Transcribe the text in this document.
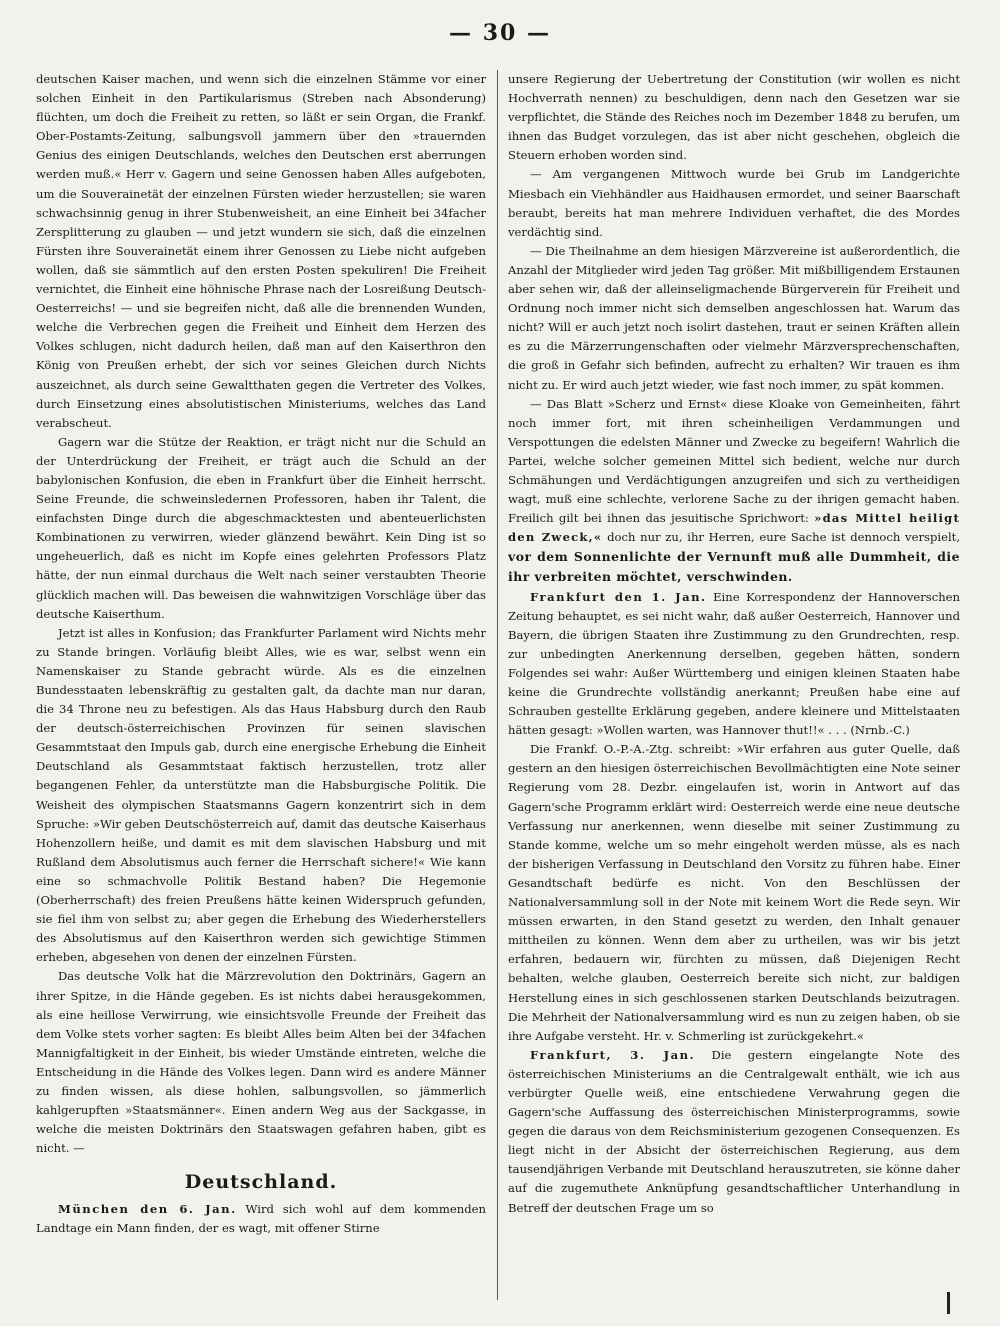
— 30 —

deutschen Kaiser machen, und wenn sich die einzelnen Stämme vor einer solchen Einheit in den Partikularismus (Streben nach Absonderung) flüchten, um doch die Freiheit zu retten, so läßt er sein Organ, die Frankf. Ober-Postamts-Zeitung, salbungsvoll jammern über den »trauernden Genius des einigen Deutschlands, welches den Deutschen erst aberrungen werden muß.« Herr v. Gagern und seine Genossen haben Alles aufgeboten, um die Souverainetät der einzelnen Fürsten wieder herzustellen; sie waren schwachsinnig genug in ihrer Stubenweisheit, an eine Einheit bei 34facher Zersplitterung zu glauben — und jetzt wundern sie sich, daß die einzelnen Fürsten ihre Souverainetät einem ihrer Genossen zu Liebe nicht aufgeben wollen, daß sie sämmtlich auf den ersten Posten spekuliren! Die Freiheit vernichtet, die Einheit eine höhnische Phrase nach der Losreißung Deutsch-Oesterreichs! — und sie begreifen nicht, daß alle die brennenden Wunden, welche die Verbrechen gegen die Freiheit und Einheit dem Herzen des Volkes schlugen, nicht dadurch heilen, daß man auf den Kaiserthron den König von Preußen erhebt, der sich vor seines Gleichen durch Nichts auszeichnet, als durch seine Gewaltthaten gegen die Vertreter des Volkes, durch Einsetzung eines absolutistischen Ministeriums, welches das Land verabscheut.

Gagern war die Stütze der Reaktion, er trägt nicht nur die Schuld an der Unterdrückung der Freiheit, er trägt auch die Schuld an der babylonischen Konfusion, die eben in Frankfurt über die Einheit herrscht. Seine Freunde, die schweinsledernen Professoren, haben ihr Talent, die einfachsten Dinge durch die abgeschmacktesten und abenteuerlichsten Kombinationen zu verwirren, wieder glänzend bewährt. Kein Ding ist so ungeheuerlich, daß es nicht im Kopfe eines gelehrten Professors Platz hätte, der nun einmal durchaus die Welt nach seiner verstaubten Theorie glücklich machen will. Das beweisen die wahnwitzigen Vorschläge über das deutsche Kaiserthum.

Jetzt ist alles in Konfusion; das Frankfurter Parlament wird Nichts mehr zu Stande bringen. Vorläufig bleibt Alles, wie es war, selbst wenn ein Namenskaiser zu Stande gebracht würde. Als es die einzelnen Bundesstaaten lebenskräftig zu gestalten galt, da dachte man nur daran, die 34 Throne neu zu befestigen. Als das Haus Habsburg durch den Raub der deutsch-österreichischen Provinzen für seinen slavischen Gesammtstaat den Impuls gab, durch eine energische Erhebung die Einheit Deutschland als Gesammtstaat faktisch herzustellen, trotz aller begangenen Fehler, da unterstützte man die Habsburgische Politik. Die Weisheit des olympischen Staatsmanns Gagern konzentrirt sich in dem Spruche: »Wir geben Deutschösterreich auf, damit das deutsche Kaiserhaus Hohenzollern heiße, und damit es mit dem slavischen Habsburg und mit Rußland dem Absolutismus auch ferner die Herrschaft sichere!« Wie kann eine so schmachvolle Politik Bestand haben? Die Hegemonie (Oberherrschaft) des freien Preußens hätte keinen Widerspruch gefunden, sie fiel ihm von selbst zu; aber gegen die Erhebung des Wiederherstellers des Absolutismus auf den Kaiserthron werden sich gewichtige Stimmen erheben, abgesehen von denen der einzelnen Fürsten.

Das deutsche Volk hat die Märzrevolution den Doktrinärs, Gagern an ihrer Spitze, in die Hände gegeben. Es ist nichts dabei herausgekommen, als eine heillose Verwirrung, wie einsichtsvolle Freunde der Freiheit das dem Volke stets vorher sagten: Es bleibt Alles beim Alten bei der 34fachen Mannigfaltigkeit in der Einheit, bis wieder Umstände eintreten, welche die Entscheidung in die Hände des Volkes legen. Dann wird es andere Männer zu finden wissen, als diese hohlen, salbungsvollen, so jämmerlich kahlgerupften »Staatsmänner«. Einen andern Weg aus der Sackgasse, in welche die meisten Doktrinärs den Staatswagen gefahren haben, gibt es nicht. —

Deutschland.

München den 6. Jan. Wird sich wohl auf dem kommenden Landtage ein Mann finden, der es wagt, mit offener Stirne

unsere Regierung der Uebertretung der Constitution (wir wollen es nicht Hochverrath nennen) zu beschuldigen, denn nach den Gesetzen war sie verpflichtet, die Stände des Reiches noch im Dezember 1848 zu berufen, um ihnen das Budget vorzulegen, das ist aber nicht geschehen, obgleich die Steuern erhoben worden sind.

— Am vergangenen Mittwoch wurde bei Grub im Landgerichte Miesbach ein Viehhändler aus Haidhausen ermordet, und seiner Baarschaft beraubt, bereits hat man mehrere Individuen verhaftet, die des Mordes verdächtig sind.

— Die Theilnahme an dem hiesigen Märzvereine ist außerordentlich, die Anzahl der Mitglieder wird jeden Tag größer. Mit mißbilligendem Erstaunen aber sehen wir, daß der alleinseligmachende Bürgerverein für Freiheit und Ordnung noch immer nicht sich demselben angeschlossen hat. Warum das nicht? Will er auch jetzt noch isolirt dastehen, traut er seinen Kräften allein es zu die Märzerrungenschaften oder vielmehr Märzversprechenschaften, die groß in Gefahr sich befinden, aufrecht zu erhalten? Wir trauen es ihm nicht zu. Er wird auch jetzt wieder, wie fast noch immer, zu spät kommen.

— Das Blatt »Scherz und Ernst« diese Kloake von Gemeinheiten, fährt noch immer fort, mit ihren scheinheiligen Verdammungen und Verspottungen die edelsten Männer und Zwecke zu begeifern! Wahrlich die Partei, welche solcher gemeinen Mittel sich bedient, welche nur durch Schmähungen und Verdächtigungen anzugreifen und sich zu vertheidigen wagt, muß eine schlechte, verlorene Sache zu der ihrigen gemacht haben. Freilich gilt bei ihnen das jesuitische Sprichwort: »das Mittel heiligt den Zweck,« doch nur zu, ihr Herren, eure Sache ist dennoch verspielt, vor dem Sonnenlichte der Vernunft muß alle Dummheit, die ihr verbreiten möchtet, verschwinden.

Frankfurt den 1. Jan. Eine Korrespondenz der Hannoverschen Zeitung behauptet, es sei nicht wahr, daß außer Oesterreich, Hannover und Bayern, die übrigen Staaten ihre Zustimmung zu den Grundrechten, resp. zur unbedingten Anerkennung derselben, gegeben hätten, sondern Folgendes sei wahr: Außer Württemberg und einigen kleinen Staaten habe keine die Grundrechte vollständig anerkannt; Preußen habe eine auf Schrauben gestellte Erklärung gegeben, andere kleinere und Mittelstaaten hätten gesagt: »Wollen warten, was Hannover thut!!« . . . (Nrnb.-C.)

Die Frankf. O.-P.-A.-Ztg. schreibt: »Wir erfahren aus guter Quelle, daß gestern an den hiesigen österreichischen Bevollmächtigten eine Note seiner Regierung vom 28. Dezbr. eingelaufen ist, worin in Antwort auf das Gagern'sche Programm erklärt wird: Oesterreich werde eine neue deutsche Verfassung nur anerkennen, wenn dieselbe mit seiner Zustimmung zu Stande komme, welche um so mehr eingeholt werden müsse, als es nach der bisherigen Verfassung in Deutschland den Vorsitz zu führen habe. Einer Gesandtschaft bedürfe es nicht. Von den Beschlüssen der Nationalversammlung soll in der Note mit keinem Wort die Rede seyn. Wir müssen erwarten, in den Stand gesetzt zu werden, den Inhalt genauer mittheilen zu können. Wenn dem aber zu urtheilen, was wir bis jetzt erfahren, bedauern wir, fürchten zu müssen, daß Diejenigen Recht behalten, welche glauben, Oesterreich bereite sich nicht, zur baldigen Herstellung eines in sich geschlossenen starken Deutschlands beizutragen. Die Mehrheit der Nationalversammlung wird es nun zu zeigen haben, ob sie ihre Aufgabe versteht. Hr. v. Schmerling ist zurückgekehrt.«

Frankfurt, 3. Jan. Die gestern eingelangte Note des österreichischen Ministeriums an die Centralgewalt enthält, wie ich aus verbürgter Quelle weiß, eine entschiedene Verwahrung gegen die Gagern'sche Auffassung des österreichischen Ministerprogramms, sowie gegen die daraus von dem Reichsministerium gezogenen Consequenzen. Es liegt nicht in der Absicht der österreichischen Regierung, aus dem tausendjährigen Verbande mit Deutschland herauszutreten, sie könne daher auf die zugemuthete Anknüpfung gesandtschaftlicher Unterhandlung in Betreff der deutschen Frage um so
